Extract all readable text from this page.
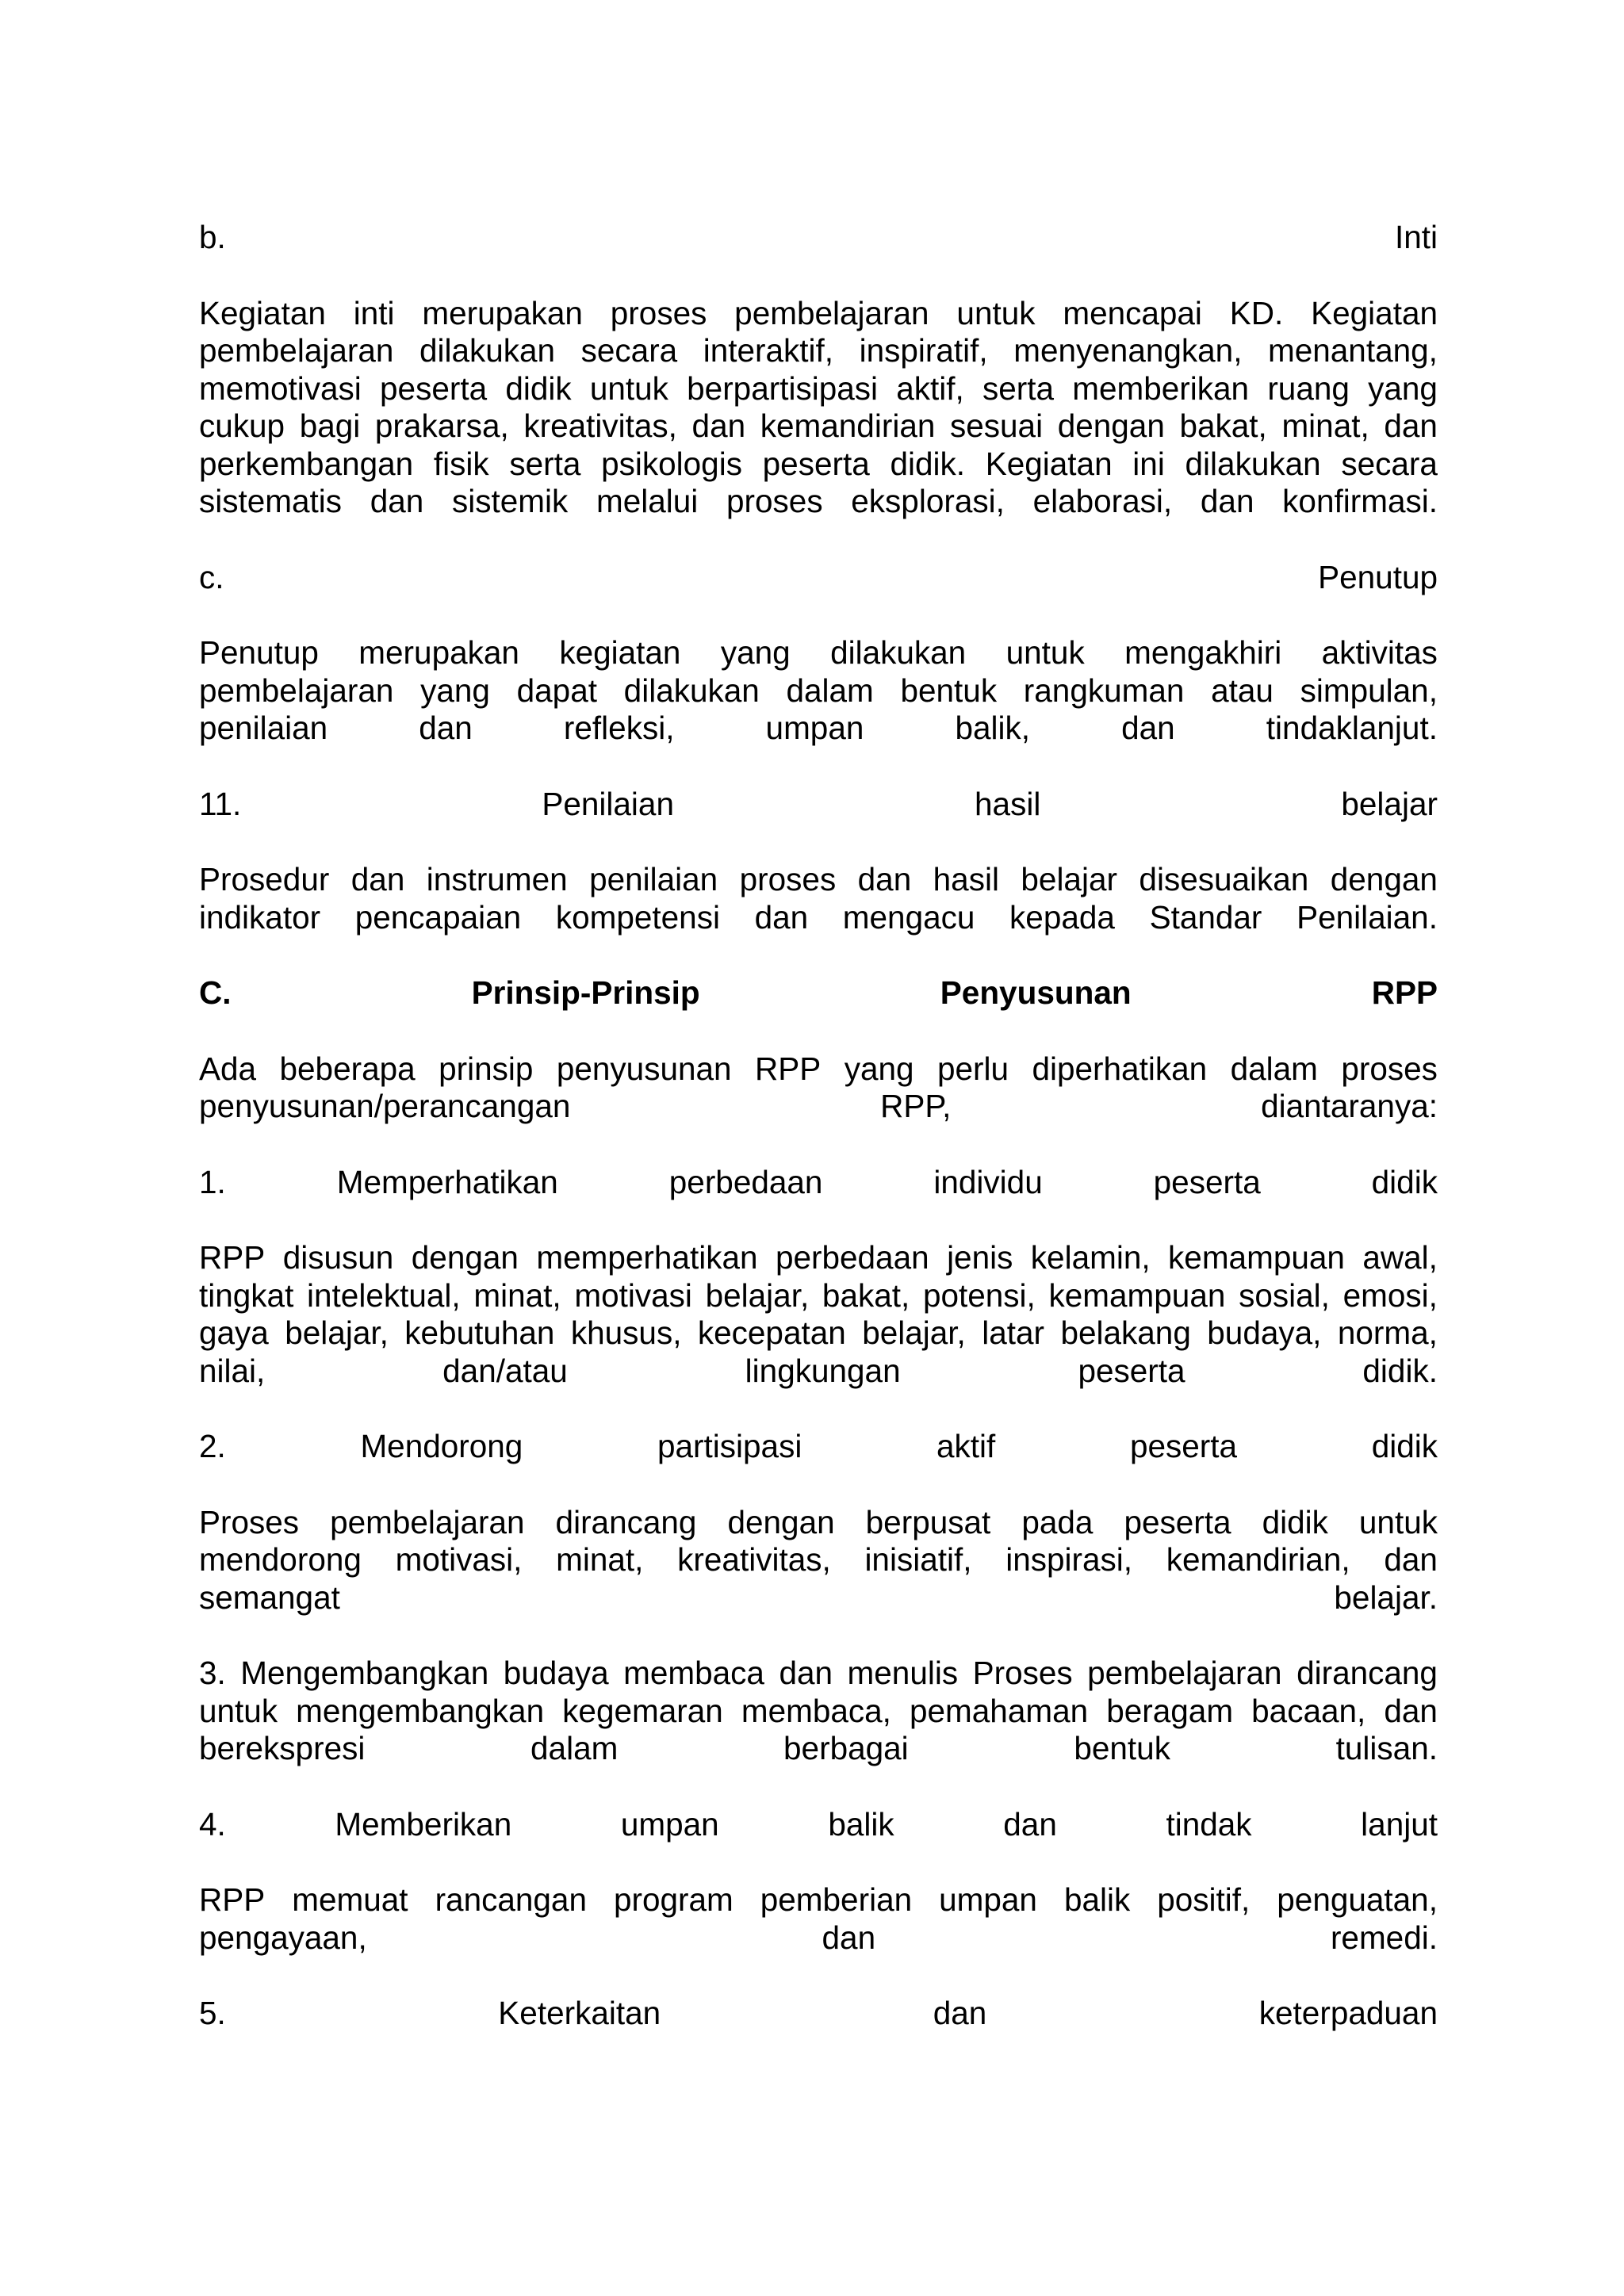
b.	Inti
Kegiatan inti merupakan proses pembelajaran untuk mencapai KD. Kegiatan
pembelajaran dilakukan secara interaktif, inspiratif, menyenangkan, menantang,
memotivasi peserta didik untuk berpartisipasi aktif, serta memberikan ruang yang
cukup bagi prakarsa, kreativitas, dan kemandirian sesuai dengan bakat, minat, dan
perkembangan fisik serta psikologis peserta didik. Kegiatan ini dilakukan secara
sistematis dan sistemik melalui proses eksplorasi, elaborasi, dan konfirmasi.
c.	Penutup
Penutup merupakan kegiatan yang dilakukan untuk mengakhiri aktivitas
pembelajaran yang dapat dilakukan dalam bentuk rangkuman atau simpulan,
penilaian	dan	refleksi,	umpan	balik,	dan	tindaklanjut.
11.	Penilaian	hasil	belajar
Prosedur dan instrumen penilaian proses dan hasil belajar disesuaikan dengan
indikator pencapaian kompetensi dan mengacu kepada Standar Penilaian.
C.	Prinsip-Prinsip	Penyusunan	RPP
Ada beberapa prinsip penyusunan RPP yang perlu diperhatikan dalam proses
penyusunan/perancangan	RPP,	diantaranya:
1.	Memperhatikan	perbedaan	individu	peserta	didik
RPP disusun dengan memperhatikan perbedaan jenis kelamin, kemampuan awal,
tingkat intelektual, minat, motivasi belajar, bakat, potensi, kemampuan sosial, emosi,
gaya belajar, kebutuhan khusus, kecepatan belajar, latar belakang budaya, norma,
nilai,	dan/atau	lingkungan	peserta	didik.
2.	Mendorong	partisipasi	aktif	peserta	didik
Proses pembelajaran dirancang dengan berpusat pada peserta didik untuk
mendorong motivasi, minat, kreativitas, inisiatif, inspirasi, kemandirian, dan
semangat	belajar.
3. Mengembangkan budaya membaca dan menulis Proses pembelajaran dirancang
untuk mengembangkan kegemaran membaca, pemahaman beragam bacaan, dan
berekspresi	dalam	berbagai	bentuk	tulisan.
4.	Memberikan	umpan	balik	dan	tindak	lanjut
RPP memuat rancangan program pemberian umpan balik positif, penguatan,
pengayaan,	dan	remedi.
5.	Keterkaitan	dan	keterpaduan
